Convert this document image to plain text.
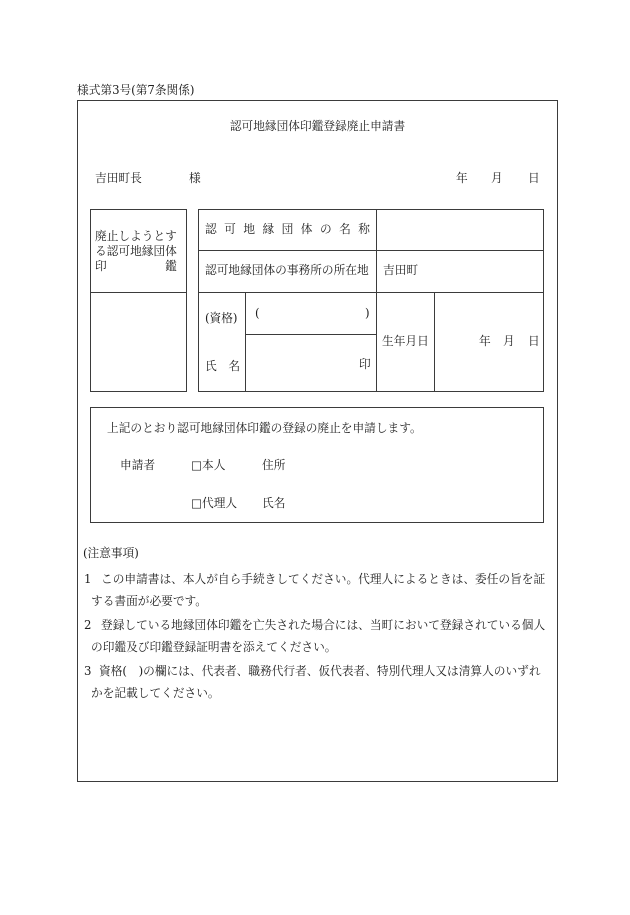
様式第3号(第7条関係)
認可地縁団体印鑑登録廃止申請書
吉田町長	様	年 月 日
廃止しようとす
る認可地縁団体
印　　　　　鑑
認 可 地 縁 団 体 の 名 称
認可地縁団体の事務所の所在地 吉田町
(資格) (	)
氏　名	印
生年月日	年 月 日
上記のとおり認可地縁団体印鑑の登録の廃止を申請します。
申請者	□本人	住所
□代理人 氏名
(注意事項)
1 この申請書は、本人が自ら手続きしてください。代理人によるときは、委任の旨を証
する書面が必要です。
2 登録している地縁団体印鑑を亡失された場合には、当町において登録されている個人
の印鑑及び印鑑登録証明書を添えてください。
3 資格(　)の欄には、代表者、職務代行者、仮代表者、特別代理人又は清算人のいずれ
かを記載してください。
